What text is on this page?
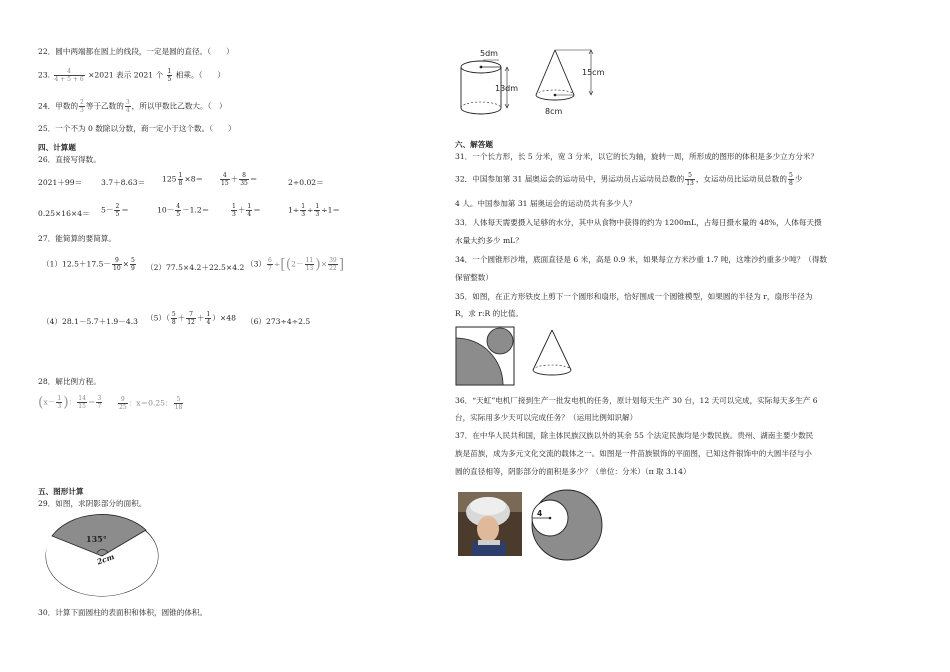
22．圆中两端都在圆上的线段，一定是圆的直径。（　　）
23. $\frac{4}{4 + 5 + 6} \times 2021$ 表示 2021 个 $\frac{1}{5}$ 相乘。（　　）
24．甲数的 $\frac{2}{3}$ 等于乙数的 $\frac{3}{4}$ ，所以甲数比乙数大。（　）
25．一个不为 0 数除以分数，商一定小于这个数。（　　）
四、计算题
26．直接写得数。
$2021+99= 3.7+8.63= 125 \frac{1}{8} \times 8=$	$\frac{4}{15} + \frac{8}{35}$ ＝	2÷0.02＝
$0.25\times 16\times 4= 5- \frac{2}{5}$ ＝	$10- \frac{4}{5} -1.2=$	$\frac{1}{3} + \frac{1}{4}$ ＝	$1\div \frac{1}{3} \div \frac{1}{3} \div 1=$
27．能简算的要简算。
$(1)12.5+17.5- \frac{9}{10} \times \frac{5}{9} (2)77.5\times 4.2+22.5\times 4.2$ $(3) \frac{6}{7} \div[(2- \frac{11}{13}$ )× $\frac{39}{22}$ ]
（4）28.1－5.7＋1.9－4.3 $(5)( \frac{5}{8} + \frac{7}{12} + \frac{1}{4} )\times 48$ （6）273÷4÷2.5
28．解比例方程。
($x- \frac{1}{3}$ )： $\frac{14}{15} = \frac{3}{7}$	$\frac{9}{25}$ ：x＝0.25： $\frac{5}{18}$
五、图形计算
29．如图，求阴影部分的面积。
135°
2cm
30．计算下面圆柱的表面积和体积，圆锥的体积。
5dm
13dm
15cm
8cm
六、解答题
31．一个长方形，长 5 分米，宽 3 分米，以它的长为轴，旋转一周，所形成的图形的体积是多少立方分米？
32．中国参加第 31 届奥运会的运动员中，男运动员占运动员总数的 $\frac{5}{13}$ ，女运动员比运动员总数的 $\frac{5}{8}$ 少
4 人。中国参加第 31 届奥运会的运动员共有多少人？
33．人体每天需要摄入足够的水分，其中从食物中获得的约为 1200mL，占每日摄水量的 48%，人体每天摄
水量大约多少 mL？
34．一个圆锥形沙堆，底面直径是 6 米，高是 0.9 米，如果每立方米沙重 1.7 吨，这堆沙约重多少吨？（得数
保留整数）
35．如图，在正方形铁皮上剪下一个圆形和扇形，恰好围成一个圆锥模型，如果圆的半径为 r，扇形半径为
R，求 r:R 的比值。
36．“天虹”电机厂接到生产一批发电机的任务，原计划每天生产 30 台，12 天可以完成，实际每天多生产 6
台，实际用多少天可以完成任务？（运用比例知识解）
37．在中华人民共和国，除主体民族汉族以外的其余 55 个法定民族均是少数民族。贵州、湖南主要少数民
族是苗族，成为多元文化交流的载体之一。如图是一件苗族银饰的平面图，已知这件银饰中的大圆半径与小
圆的直径相等，阴影部分的面积是多少？（单位：分米）（π 取 3.14）
4
